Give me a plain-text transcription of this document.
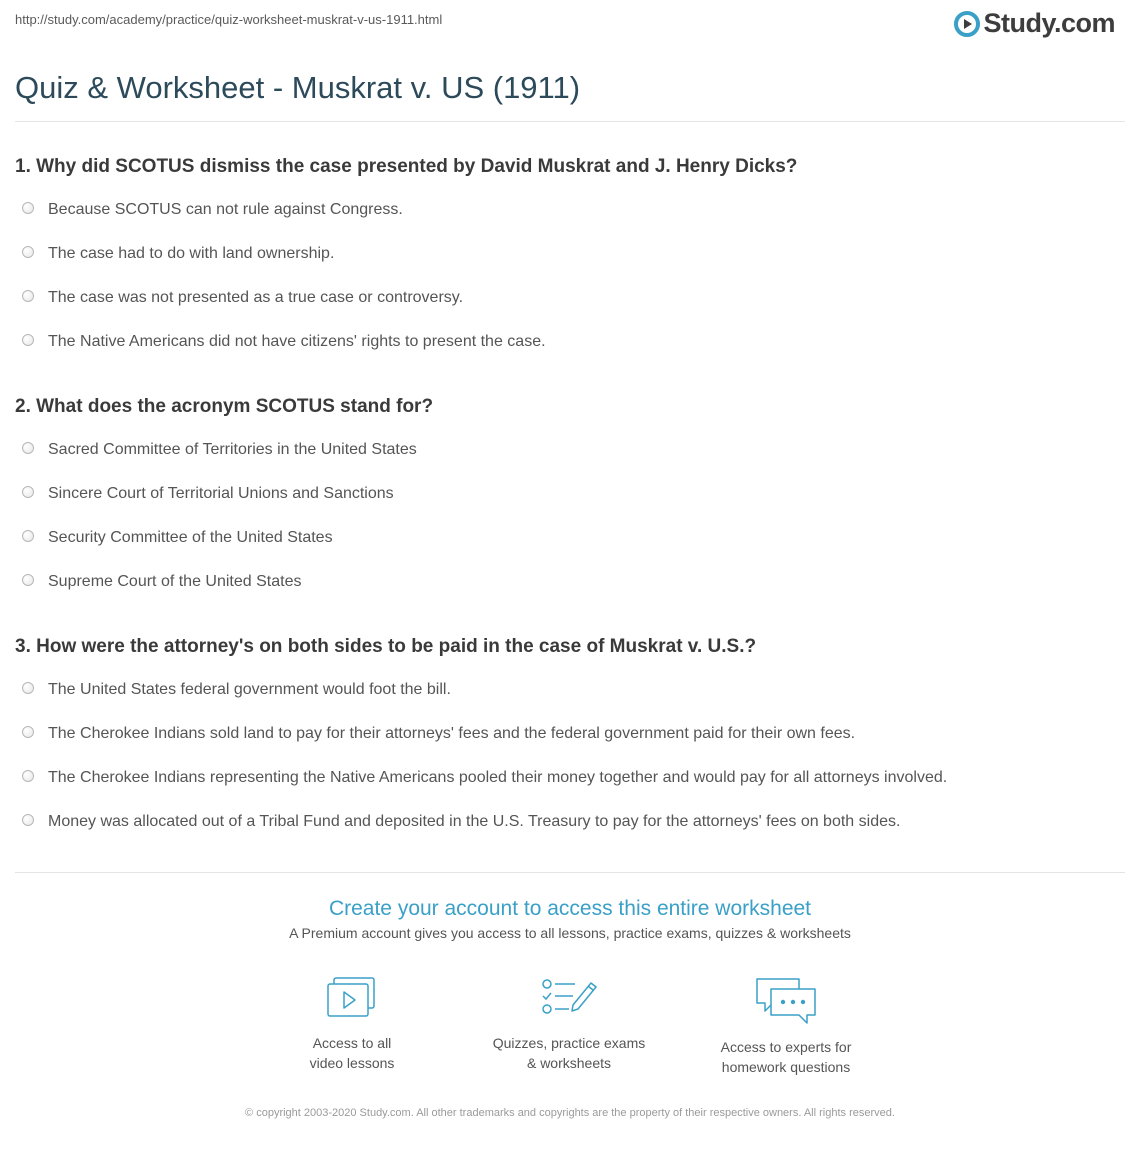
http://study.com/academy/practice/quiz-worksheet-muskrat-v-us-1911.html	Study.com
Quiz & Worksheet - Muskrat v. US (1911)
1. Why did SCOTUS dismiss the case presented by David Muskrat and J. Henry Dicks?
Because SCOTUS can not rule against Congress.
The case had to do with land ownership.
The case was not presented as a true case or controversy.
The Native Americans did not have citizens' rights to present the case.
2. What does the acronym SCOTUS stand for?
Sacred Committee of Territories in the United States
Sincere Court of Territorial Unions and Sanctions
Security Committee of the United States
Supreme Court of the United States
3. How were the attorney's on both sides to be paid in the case of Muskrat v. U.S.?
The United States federal government would foot the bill.
The Cherokee Indians sold land to pay for their attorneys' fees and the federal government paid for their own fees.
The Cherokee Indians representing the Native Americans pooled their money together and would pay for all attorneys involved.
Money was allocated out of a Tribal Fund and deposited in the U.S. Treasury to pay for the attorneys' fees on both sides.
Create your account to access this entire worksheet
A Premium account gives you access to all lessons, practice exams, quizzes & worksheets
Access to all
video lessons
Quizzes, practice exams
& worksheets
Access to experts for
homework questions
© copyright 2003-2020 Study.com. All other trademarks and copyrights are the property of their respective owners. All rights reserved.
